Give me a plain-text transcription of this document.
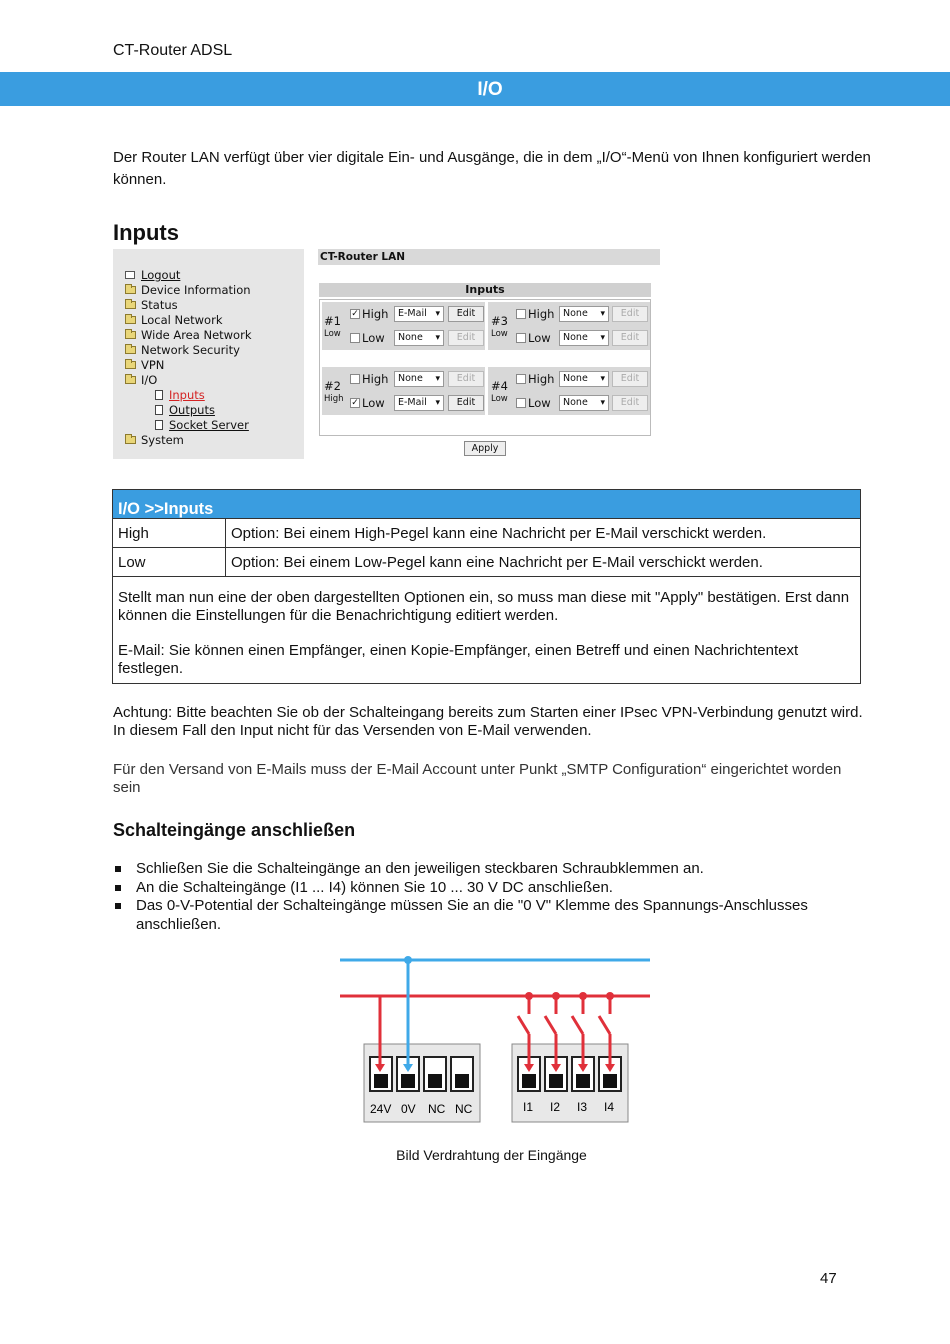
CT-Router ADSL
I/O

Der Router LAN verfügt über vier digitale Ein- und Ausgänge, die in dem „I/O“-Menü von Ihnen konfiguriert werden können.

Inputs
Logout
Device Information
Status
Local Network
Wide Area Network
Network Security
VPN
I/O
Inputs
Outputs
Socket Server
System
CT-Router LAN
Inputs
#1
Low
✓ High	E-Mail ▾	Edit
Low	None ▾	Edit
#3
Low
High None ▾	Edit
Low	None ▾	Edit
#2
High
High	None ▾	Edit
✓ Low	E-Mail ▾	Edit
#4
Low
High None ▾	Edit
Low	None ▾	Edit
Apply
I/O >>Inputs	
High	Option: Bei einem High-Pegel kann eine Nachricht per E-Mail verschickt werden.
Low	Option: Bei einem Low-Pegel kann eine Nachricht per E-Mail verschickt werden.

Stellt man nun eine der oben dargestellten Optionen ein, so muss man diese mit "Apply" bestätigen. Erst dann können die Einstellungen für die Benachrichtigung editiert werden.

E-Mail: Sie können einen Empfänger, einen Kopie-Empfänger, einen Betreff und einen Nachrichtentext festlegen.	

Achtung: Bitte beachten Sie ob der Schalteingang bereits zum Starten einer IPsec VPN-Verbindung genutzt wird. In diesem Fall den Input nicht für das Versenden von E-Mail verwenden.

Für den Versand von E-Mails muss der E-Mail Account unter Punkt „SMTP Configuration“ eingerichtet worden sein

Schalteingänge anschließen
Schließen Sie die Schalteingänge an den jeweiligen steckbaren Schraubklemmen an.
An die Schalteingänge (I1 ... I4) können Sie 10 ... 30 V DC anschließen.
Das 0-V-Potential der Schalteingänge müssen Sie an die "0 V" Klemme des Spannungs-Anschlusses anschließen.
24V 0V NC NC	I1 I2 I3 I4
Bild Verdrahtung der Eingänge
47
